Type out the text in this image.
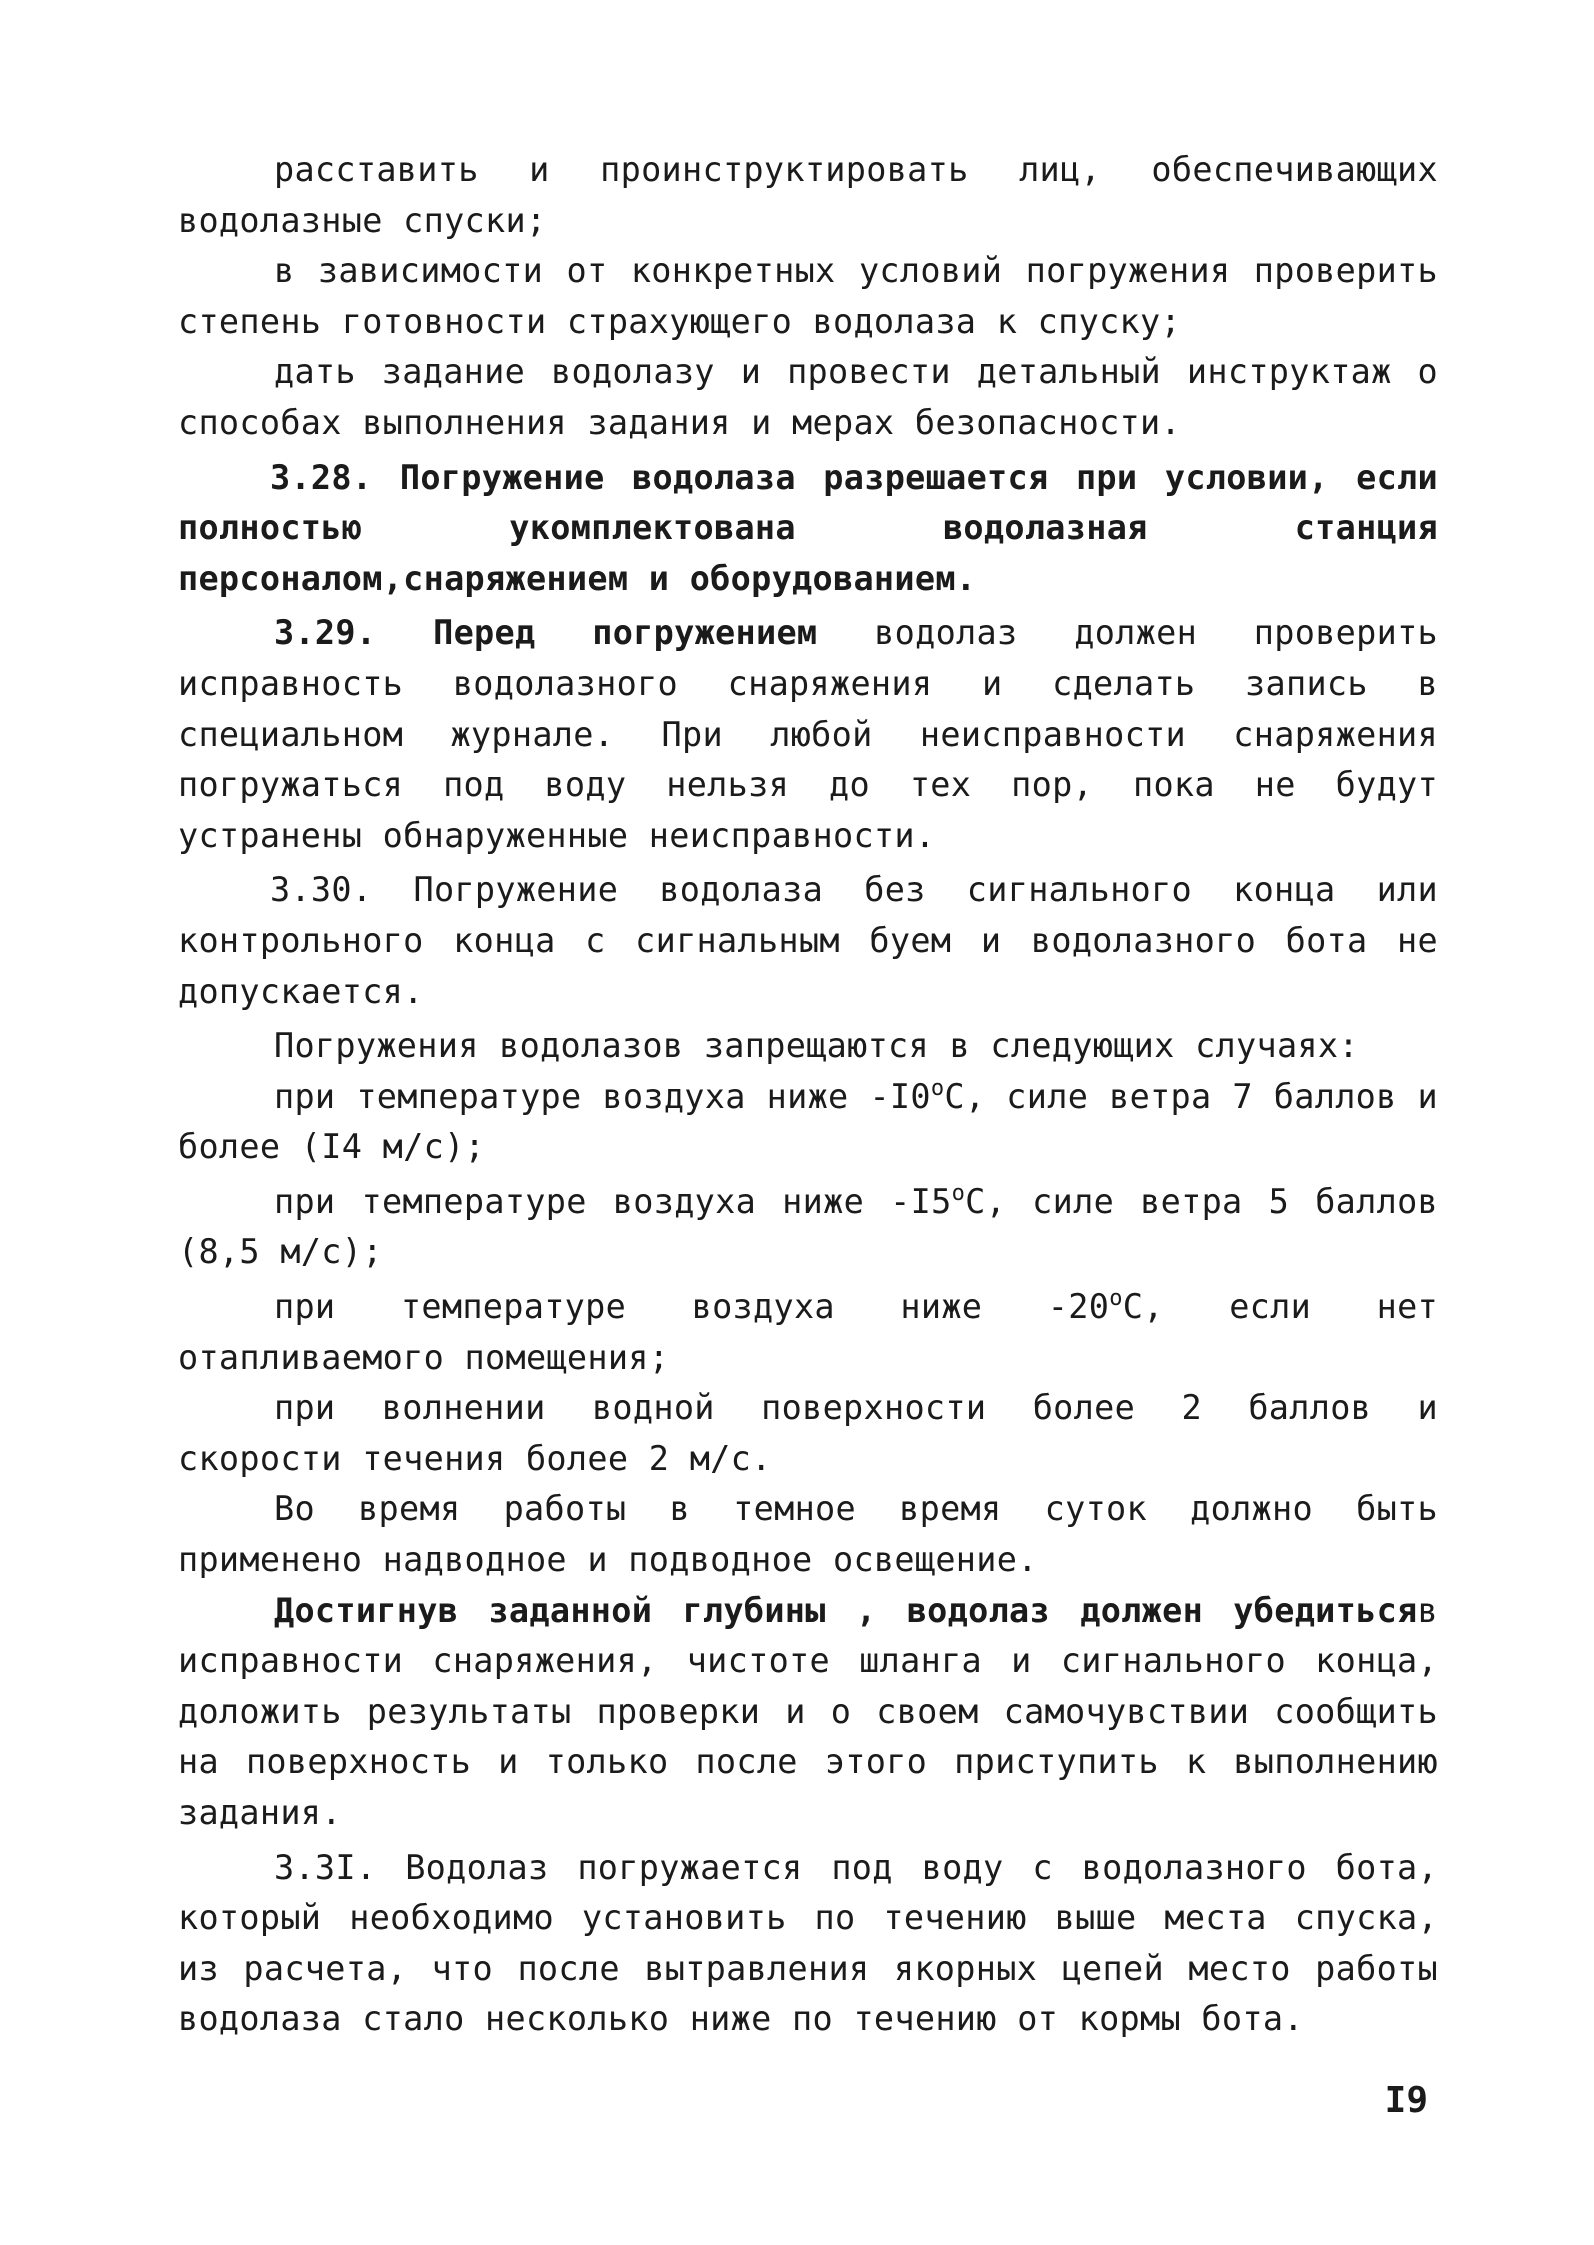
расставить и проинструктировать лиц, обеспечивающих водолазные спуски;

в зависимости от конкретных условий погружения проверить степень готовности страхующего водолаза к спуску;

дать задание водолазу и провести детальный инструктаж о способах выполнения задания и мерах безопасности.

3.28. Погружение водолаза разрешается при условии, если полностью укомплектована водолазная станция персоналом,снаряжением и оборудованием.

3.29. Перед погружением водолаз должен проверить исправность водолазного снаряжения и сделать запись в специальном журнале. При любой неисправности снаряжения погружаться под воду нельзя до тех пор, пока не будут устранены обнаруженные неисправности.

3.30. Погружение водолаза без сигнального конца или контрольного конца с сигнальным буем и водолазного бота не допускается.

Погружения водолазов запрещаются в следующих случаях:

при температуре воздуха ниже $-I0^оC$, силе ветра 7 баллов и более (I4 м/с);

при температуре воздуха ниже $-I5^оC$, силе ветра 5 баллов (8,5 м/с);

при температуре воздуха ниже $-20^оC$, если нет отапливаемого помещения;

при волнении водной поверхности более 2 баллов и скорости течения более 2 м/с.

Во время работы в темное время суток должно быть применено надводное и подводное освещение.

Достигнув заданной глубины , водолаз должен убедитьсяв исправности снаряжения, чистоте шланга и сигнального конца, доложить результаты проверки и о своем самочувствии сообщить на поверхность и только после этого приступить к выполнению задания.

3.3I. Водолаз погружается под воду с водолазного бота, который необходимо установить по течению выше места спуска, из расчета, что после вытравления якорных цепей место работы водолаза стало несколько ниже по течению от кормы бота.

I9
